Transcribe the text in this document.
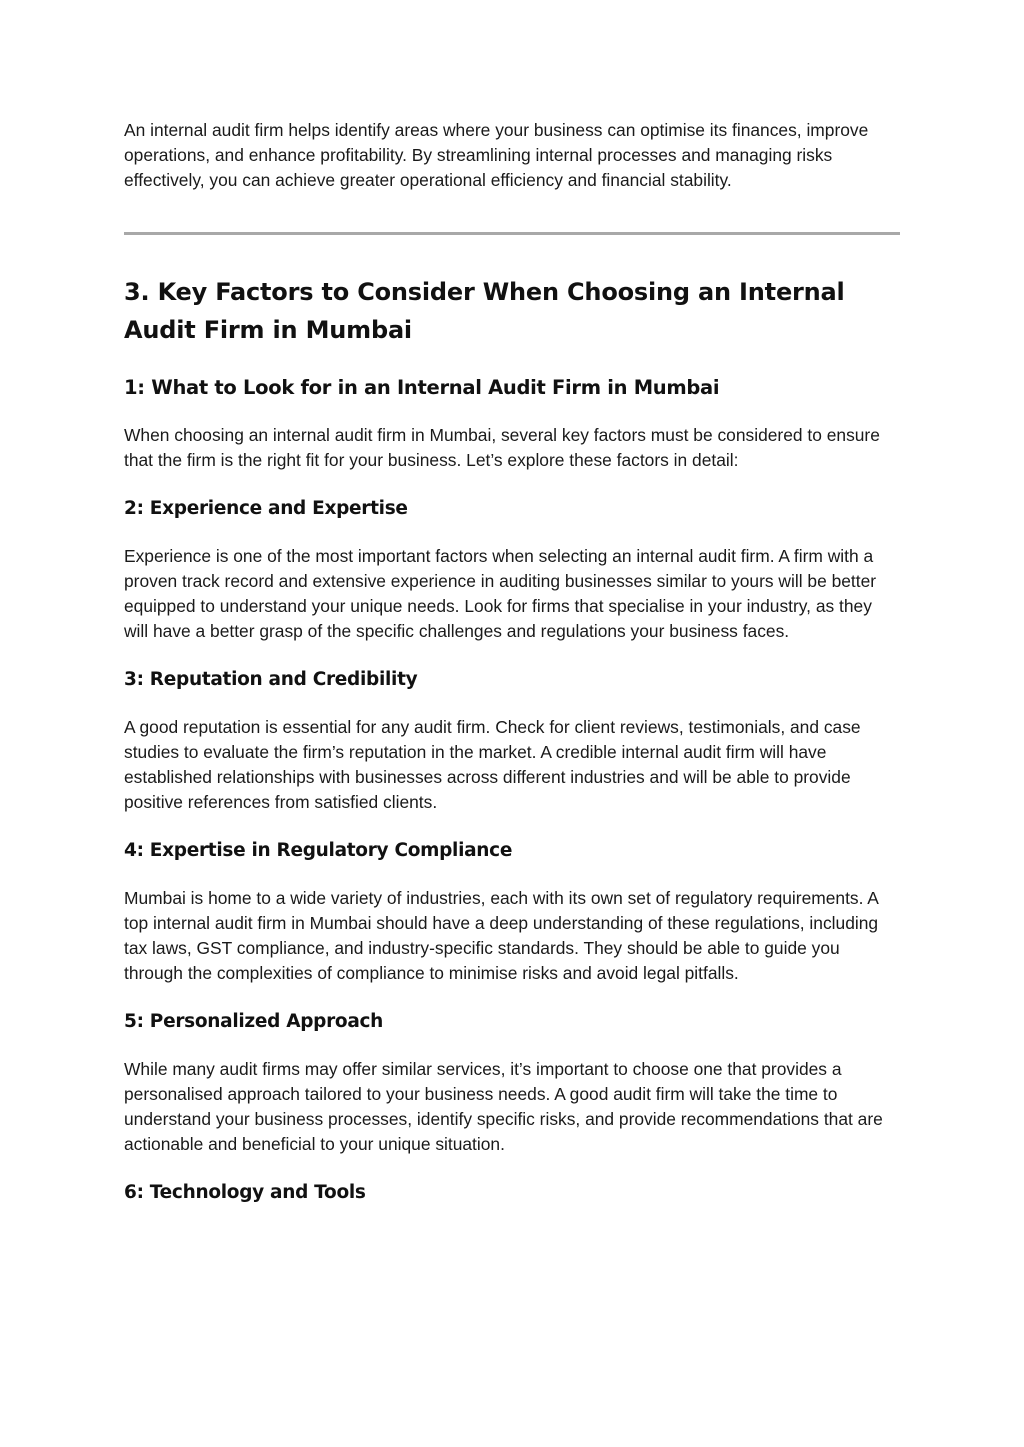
An internal audit firm helps identify areas where your business can optimise its finances, improve operations, and enhance profitability. By streamlining internal processes and managing risks effectively, you can achieve greater operational efficiency and financial stability.

3. Key Factors to Consider When Choosing an Internal Audit Firm in Mumbai
1: What to Look for in an Internal Audit Firm in Mumbai

When choosing an internal audit firm in Mumbai, several key factors must be considered to ensure that the firm is the right fit for your business. Let’s explore these factors in detail:

2: Experience and Expertise

Experience is one of the most important factors when selecting an internal audit firm. A firm with a proven track record and extensive experience in auditing businesses similar to yours will be better equipped to understand your unique needs. Look for firms that specialise in your industry, as they will have a better grasp of the specific challenges and regulations your business faces.

3: Reputation and Credibility

A good reputation is essential for any audit firm. Check for client reviews, testimonials, and case studies to evaluate the firm’s reputation in the market. A credible internal audit firm will have established relationships with businesses across different industries and will be able to provide positive references from satisfied clients.

4: Expertise in Regulatory Compliance

Mumbai is home to a wide variety of industries, each with its own set of regulatory requirements. A top internal audit firm in Mumbai should have a deep understanding of these regulations, including tax laws, GST compliance, and industry-specific standards. They should be able to guide you through the complexities of compliance to minimise risks and avoid legal pitfalls.

5: Personalized Approach

While many audit firms may offer similar services, it’s important to choose one that provides a personalised approach tailored to your business needs. A good audit firm will take the time to understand your business processes, identify specific risks, and provide recommendations that are actionable and beneficial to your unique situation.

6: Technology and Tools
